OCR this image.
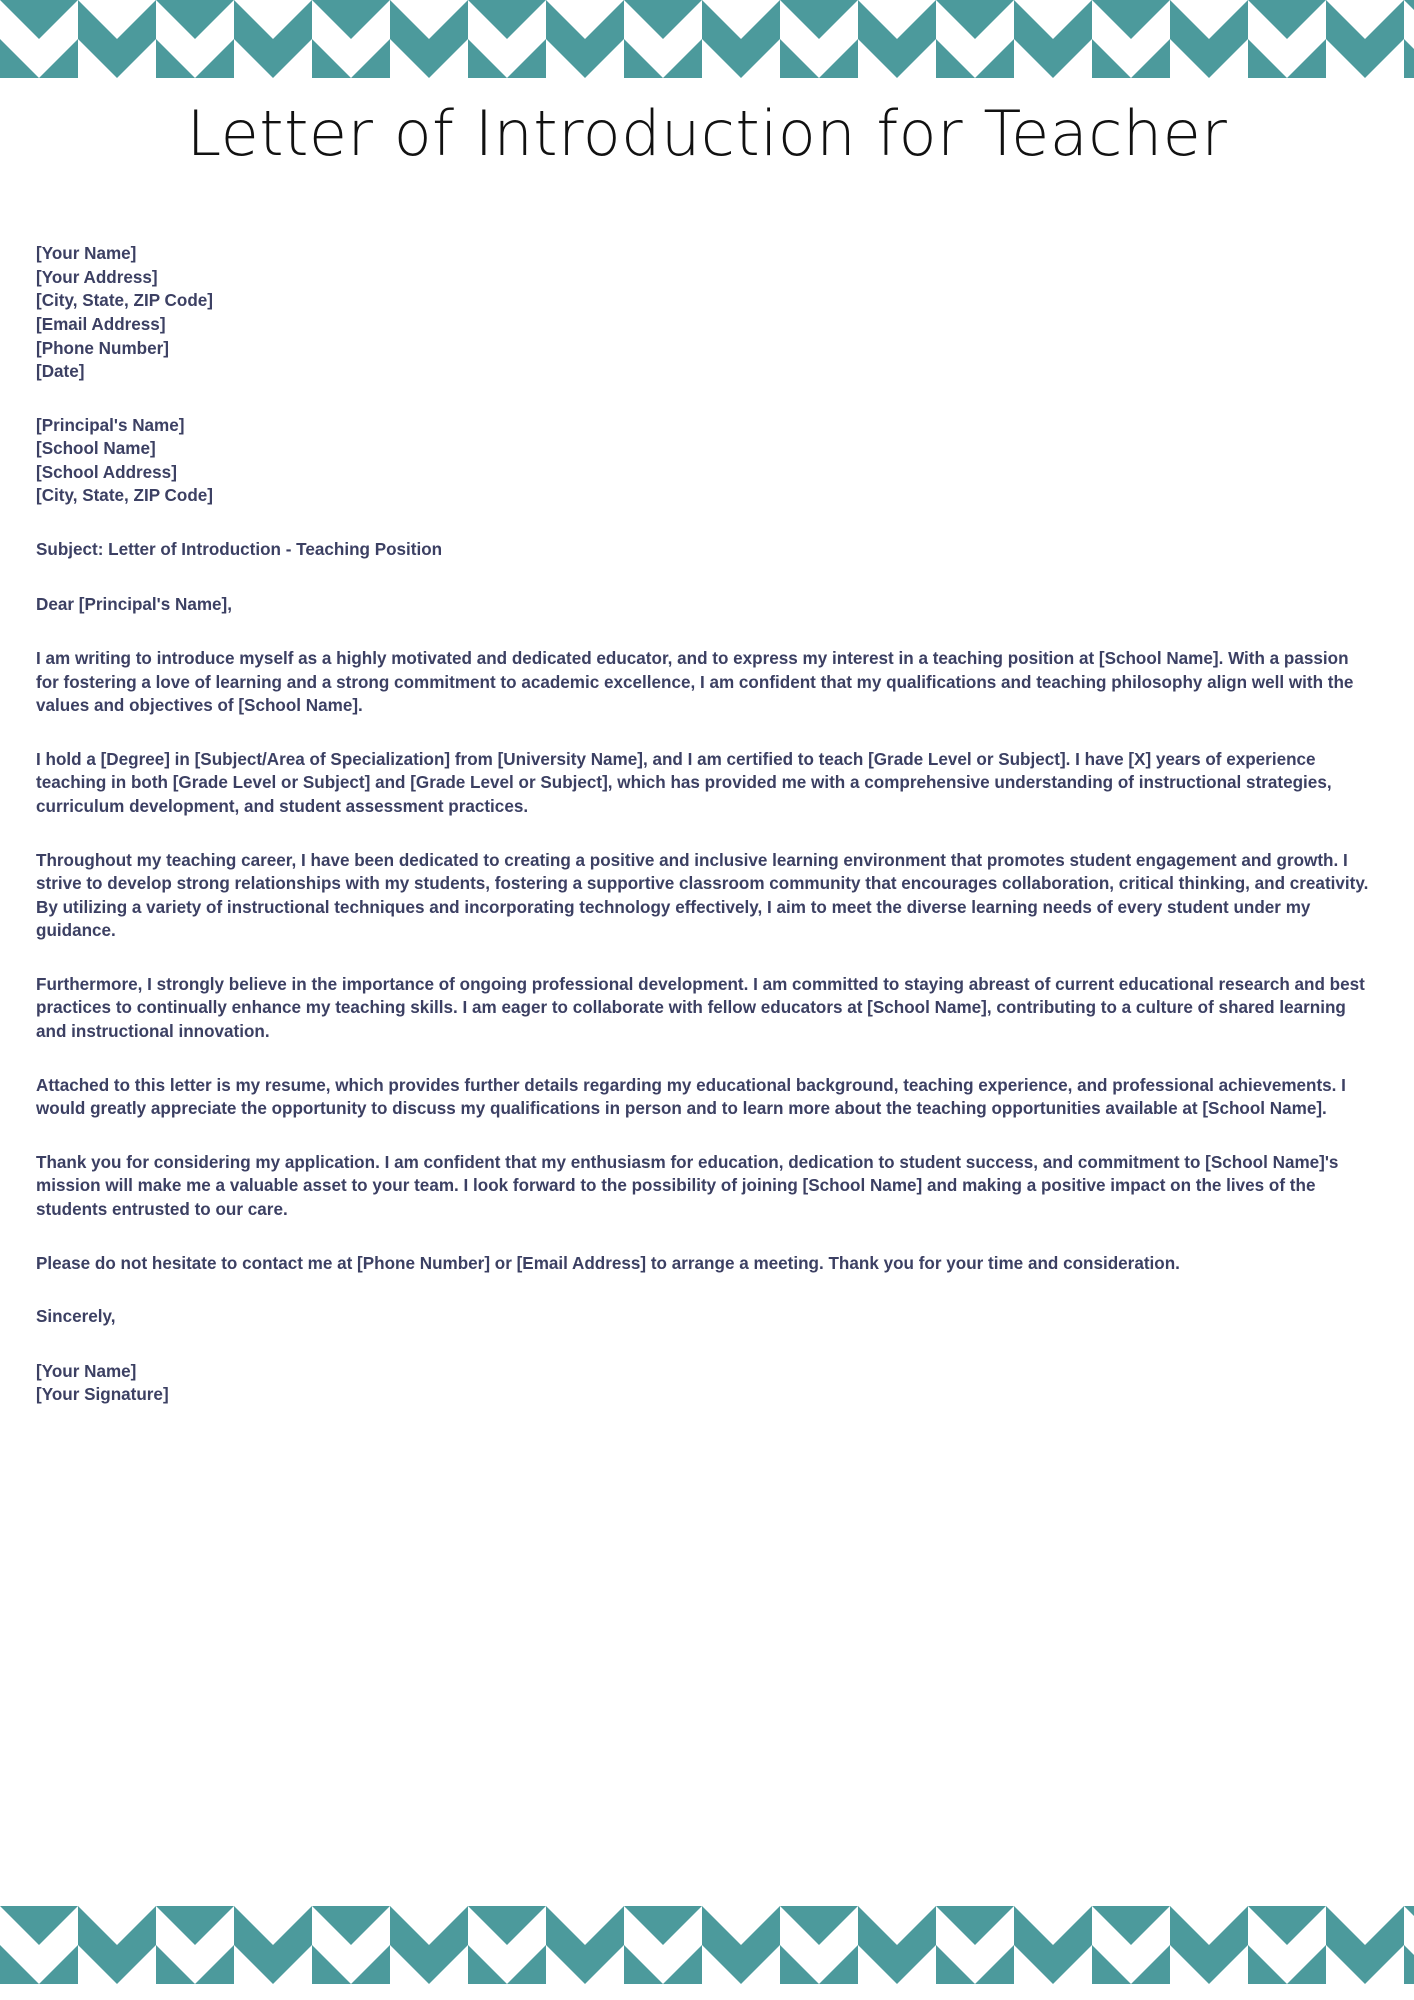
Letter of Introduction for Teacher
[Your Name]
[Your Address]
[City, State, ZIP Code]
[Email Address]
[Phone Number]
[Date]
[Principal's Name]
[School Name]
[School Address]
[City, State, ZIP Code]

Subject: Letter of Introduction - Teaching Position

Dear [Principal's Name],

I am writing to introduce myself as a highly motivated and dedicated educator, and to express my interest in a teaching position at [School Name]. With a passion for fostering a love of learning and a strong commitment to academic excellence, I am confident that my qualifications and teaching philosophy align well with the values and objectives of [School Name].

I hold a [Degree] in [Subject/Area of Specialization] from [University Name], and I am certified to teach [Grade Level or Subject]. I have [X] years of experience teaching in both [Grade Level or Subject] and [Grade Level or Subject], which has provided me with a comprehensive understanding of instructional strategies, curriculum development, and student assessment practices.

Throughout my teaching career, I have been dedicated to creating a positive and inclusive learning environment that promotes student engagement and growth. I strive to develop strong relationships with my students, fostering a supportive classroom community that encourages collaboration, critical thinking, and creativity. By utilizing a variety of instructional techniques and incorporating technology effectively, I aim to meet the diverse learning needs of every student under my guidance.

Furthermore, I strongly believe in the importance of ongoing professional development. I am committed to staying abreast of current educational research and best practices to continually enhance my teaching skills. I am eager to collaborate with fellow educators at [School Name], contributing to a culture of shared learning and instructional innovation.

Attached to this letter is my resume, which provides further details regarding my educational background, teaching experience, and professional achievements. I would greatly appreciate the opportunity to discuss my qualifications in person and to learn more about the teaching opportunities available at [School Name].

Thank you for considering my application. I am confident that my enthusiasm for education, dedication to student success, and commitment to [School Name]'s mission will make me a valuable asset to your team. I look forward to the possibility of joining [School Name] and making a positive impact on the lives of the students entrusted to our care.

Please do not hesitate to contact me at [Phone Number] or [Email Address] to arrange a meeting. Thank you for your time and consideration.

Sincerely,

[Your Name]
[Your Signature]
